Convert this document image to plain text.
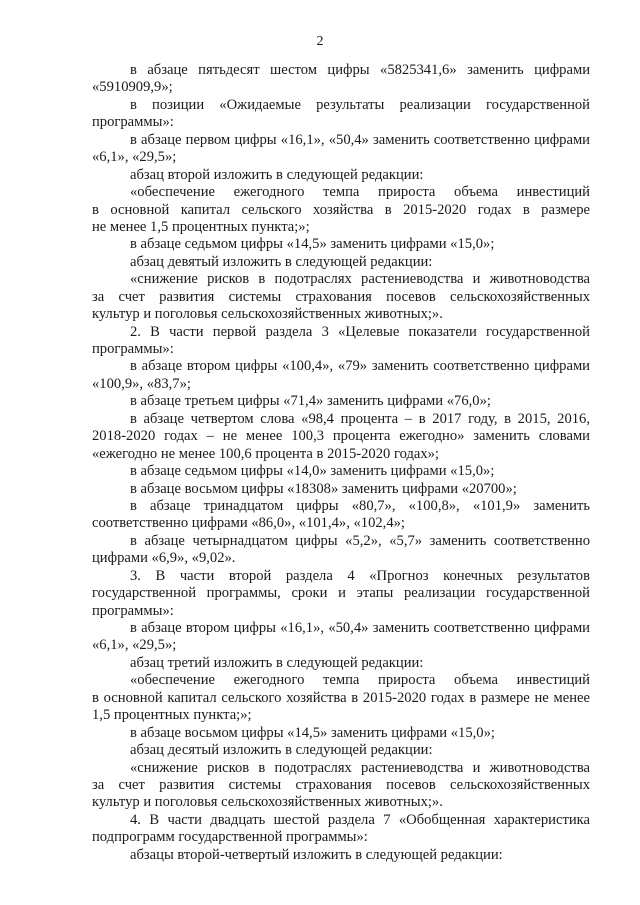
2
в абзаце пятьдесят шестом цифры «5825341,6» заменить цифрами
«5910909,9»;
в позиции «Ожидаемые результаты реализации государственной
программы»:
в абзаце первом цифры «16,1», «50,4» заменить соответственно цифрами
«6,1», «29,5»;
абзац второй изложить в следующей редакции:
«обеспечение ежегодного темпа прироста объема инвестиций
в основной капитал сельского хозяйства в 2015-2020 годах в размере
не менее 1,5 процентных пункта;»;
в абзаце седьмом цифры «14,5» заменить цифрами «15,0»;
абзац девятый изложить в следующей редакции:
«снижение рисков в подотраслях растениеводства и животноводства
за счет развития системы страхования посевов сельскохозяйственных
культур и поголовья сельскохозяйственных животных;».
2. В части первой раздела 3 «Целевые показатели государственной
программы»:
в абзаце втором цифры «100,4», «79» заменить соответственно цифрами
«100,9», «83,7»;
в абзаце третьем цифры «71,4» заменить цифрами «76,0»;
в абзаце четвертом слова «98,4 процента – в 2017 году, в 2015, 2016,
2018-2020 годах – не менее 100,3 процента ежегодно» заменить словами
«ежегодно не менее 100,6 процента в 2015-2020 годах»;
в абзаце седьмом цифры «14,0» заменить цифрами «15,0»;
в абзаце восьмом цифры «18308» заменить цифрами «20700»;
в абзаце тринадцатом цифры «80,7», «100,8», «101,9» заменить
соответственно цифрами «86,0», «101,4», «102,4»;
в абзаце четырнадцатом цифры «5,2», «5,7» заменить соответственно
цифрами «6,9», «9,02».
3. В части второй раздела 4 «Прогноз конечных результатов
государственной программы, сроки и этапы реализации государственной
программы»:
в абзаце втором цифры «16,1», «50,4» заменить соответственно цифрами
«6,1», «29,5»;
абзац третий изложить в следующей редакции:
«обеспечение ежегодного темпа прироста объема инвестиций
в основной капитал сельского хозяйства в 2015-2020 годах в размере не менее
1,5 процентных пункта;»;
в абзаце восьмом цифры «14,5» заменить цифрами «15,0»;
абзац десятый изложить в следующей редакции:
«снижение рисков в подотраслях растениеводства и животноводства
за счет развития системы страхования посевов сельскохозяйственных
культур и поголовья сельскохозяйственных животных;».
4. В части двадцать шестой раздела 7 «Обобщенная характеристика
подпрограмм государственной программы»:
абзацы второй-четвертый изложить в следующей редакции:
